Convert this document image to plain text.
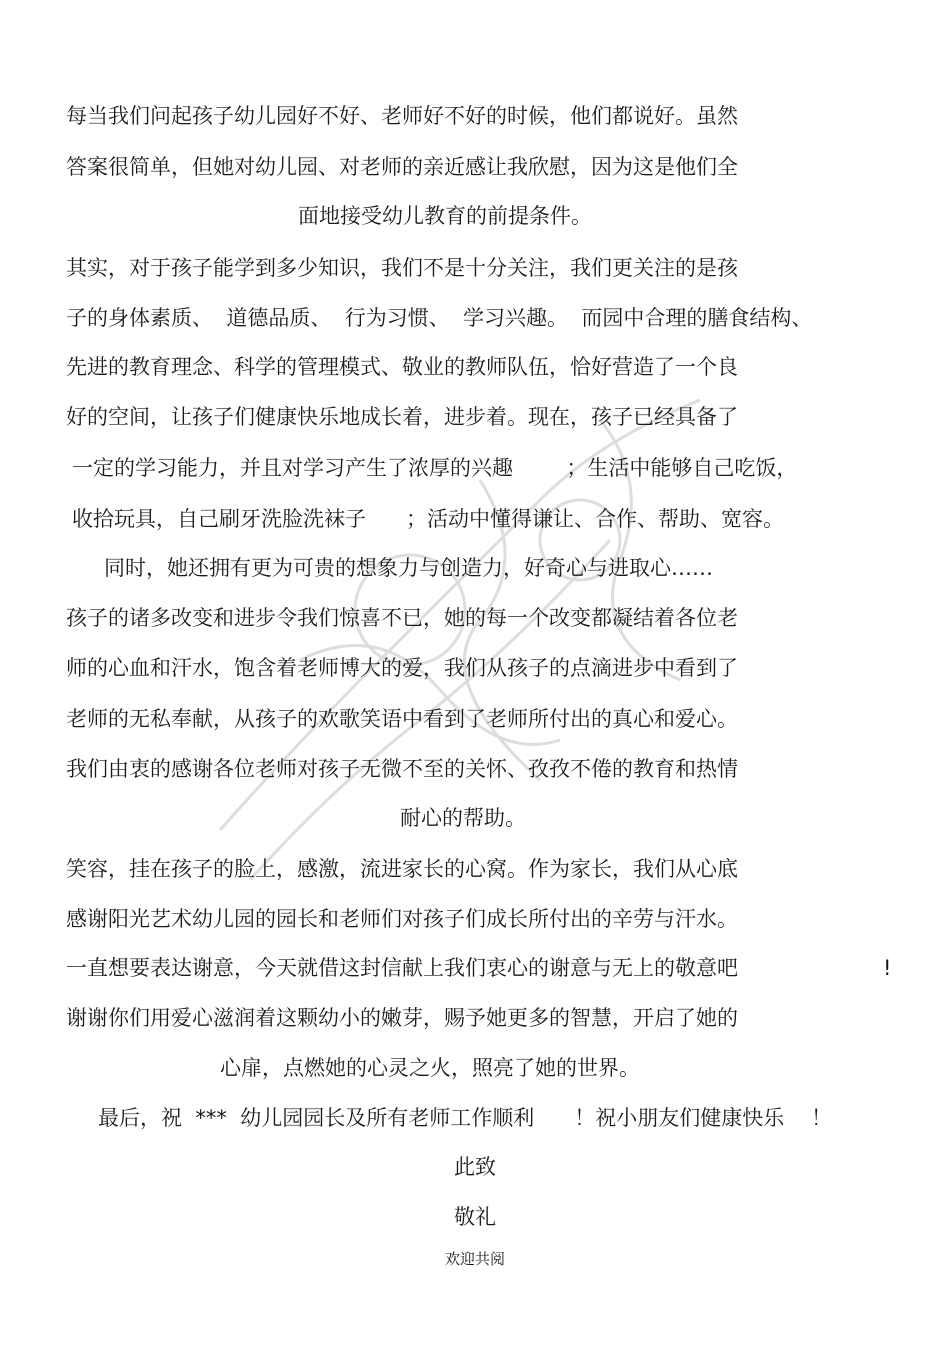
每当我们问起孩子幼儿园好不好、老师好不好的时候，他们都说好。虽然
答案很简单，但她对幼儿园、对老师的亲近感让我欣慰，因为这是他们全
面地接受幼儿教育的前提条件。
其实，对于孩子能学到多少知识，我们不是十分关注，我们更关注的是孩
子的身体素质、  道德品质、  行为习惯、  学习兴趣。  而园中合理的膳食结构、
先进的教育理念、科学的管理模式、敬业的教师队伍，恰好营造了一个良
好的空间，让孩子们健康快乐地成长着，进步着。现在，孩子已经具备了
一定的学习能力，并且对学习产生了浓厚的兴趣        ；生活中能够自己吃饭，
收拾玩具，自己刷牙洗脸洗袜子      ；活动中懂得谦让、合作、帮助、宽容。
同时，她还拥有更为可贵的想象力与创造力，好奇心与进取心……
孩子的诸多改变和进步令我们惊喜不已，她的每一个改变都凝结着各位老
师的心血和汗水，饱含着老师博大的爱，我们从孩子的点滴进步中看到了
老师的无私奉献，从孩子的欢歌笑语中看到了老师所付出的真心和爱心。
我们由衷的感谢各位老师对孩子无微不至的关怀、孜孜不倦的教育和热情
耐心的帮助。
笑容，挂在孩子的脸上，感激，流进家长的心窝。作为家长，我们从心底
感谢阳光艺术幼儿园的园长和老师们对孩子们成长所付出的辛劳与汗水。
一直想要表达谢意，今天就借这封信献上我们衷心的谢意与无上的敬意吧	!
谢谢你们用爱心滋润着这颗幼小的嫩芽，赐予她更多的智慧，开启了她的
心扉，点燃她的心灵之火，照亮了她的世界。
最后，祝  ***  幼儿园园长及所有老师工作顺利      ！祝小朋友们健康快乐    ！
此致
敬礼
欢迎共阅
